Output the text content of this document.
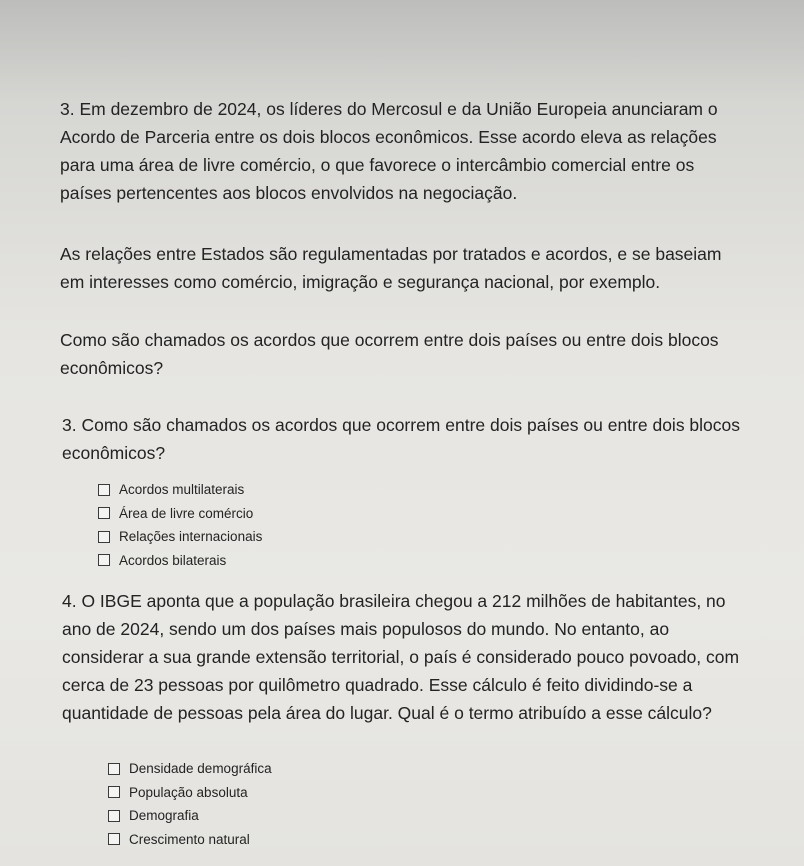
3. Em dezembro de 2024, os líderes do Mercosul e da União Europeia anunciaram o Acordo de Parceria entre os dois blocos econômicos. Esse acordo eleva as relações para uma área de livre comércio, o que favorece o intercâmbio comercial entre os países pertencentes aos blocos envolvidos na negociação.

As relações entre Estados são regulamentadas por tratados e acordos, e se baseiam em interesses como comércio, imigração e segurança nacional, por exemplo.

Como são chamados os acordos que ocorrem entre dois países ou entre dois blocos econômicos?

3. Como são chamados os acordos que ocorrem entre dois países ou entre dois blocos econômicos?

Acordos multilaterais
Área de livre comércio
Relações internacionais
Acordos bilaterais

4. O IBGE aponta que a população brasileira chegou a 212 milhões de habitantes, no ano de 2024, sendo um dos países mais populosos do mundo. No entanto, ao considerar a sua grande extensão territorial, o país é considerado pouco povoado, com cerca de 23 pessoas por quilômetro quadrado. Esse cálculo é feito dividindo-se a quantidade de pessoas pela área do lugar. Qual é o termo atribuído a esse cálculo?

Densidade demográfica
População absoluta
Demografia
Crescimento natural
